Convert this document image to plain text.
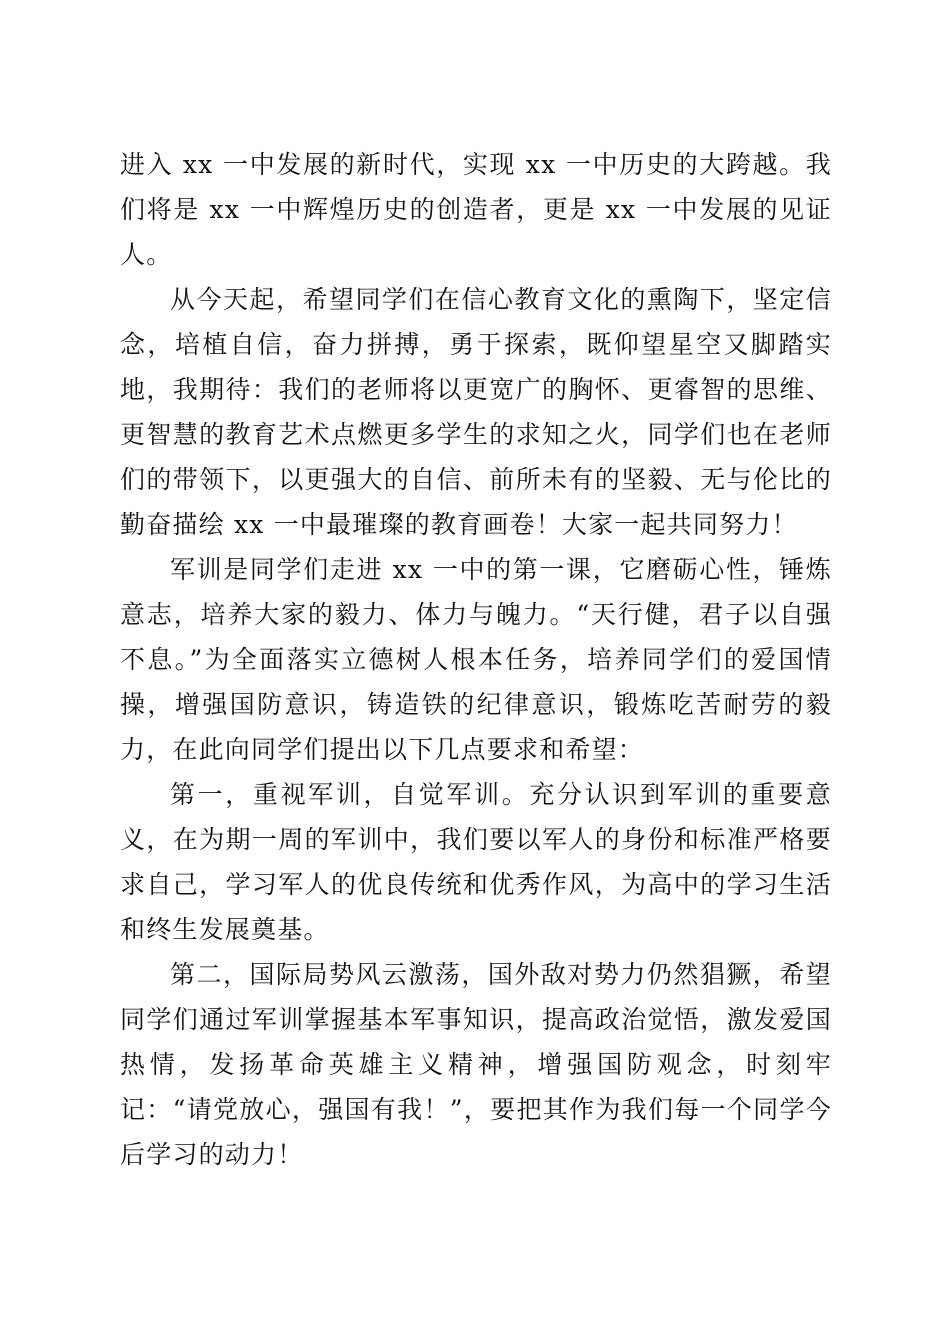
进入 xx 一中发展的新时代，实现 xx 一中历史的大跨越。我们将是 xx 一中辉煌历史的创造者，更是 xx 一中发展的见证人。

从今天起，希望同学们在信心教育文化的熏陶下，坚定信念，培植自信，奋力拼搏，勇于探索，既仰望星空又脚踏实地，我期待：我们的老师将以更宽广的胸怀、更睿智的思维、更智慧的教育艺术点燃更多学生的求知之火，同学们也在老师们的带领下，以更强大的自信、前所未有的坚毅、无与伦比的勤奋描绘 xx 一中最璀璨的教育画卷！大家一起共同努力！

军训是同学们走进 xx 一中的第一课，它磨砺心性，锤炼意志，培养大家的毅力、体力与魄力。“天行健，君子以自强不息。”为全面落实立德树人根本任务，培养同学们的爱国情操，增强国防意识，铸造铁的纪律意识，锻炼吃苦耐劳的毅力，在此向同学们提出以下几点要求和希望：

第一，重视军训，自觉军训。充分认识到军训的重要意义，在为期一周的军训中，我们要以军人的身份和标准严格要求自己，学习军人的优良传统和优秀作风，为高中的学习生活和终生发展奠基。

第二，国际局势风云激荡，国外敌对势力仍然猖獗，希望同学们通过军训掌握基本军事知识，提高政治觉悟，激发爱国热情，发扬革命英雄主义精神，增强国防观念，时刻牢记：“请党放心，强国有我！”，要把其作为我们每一个同学今后学习的动力！
